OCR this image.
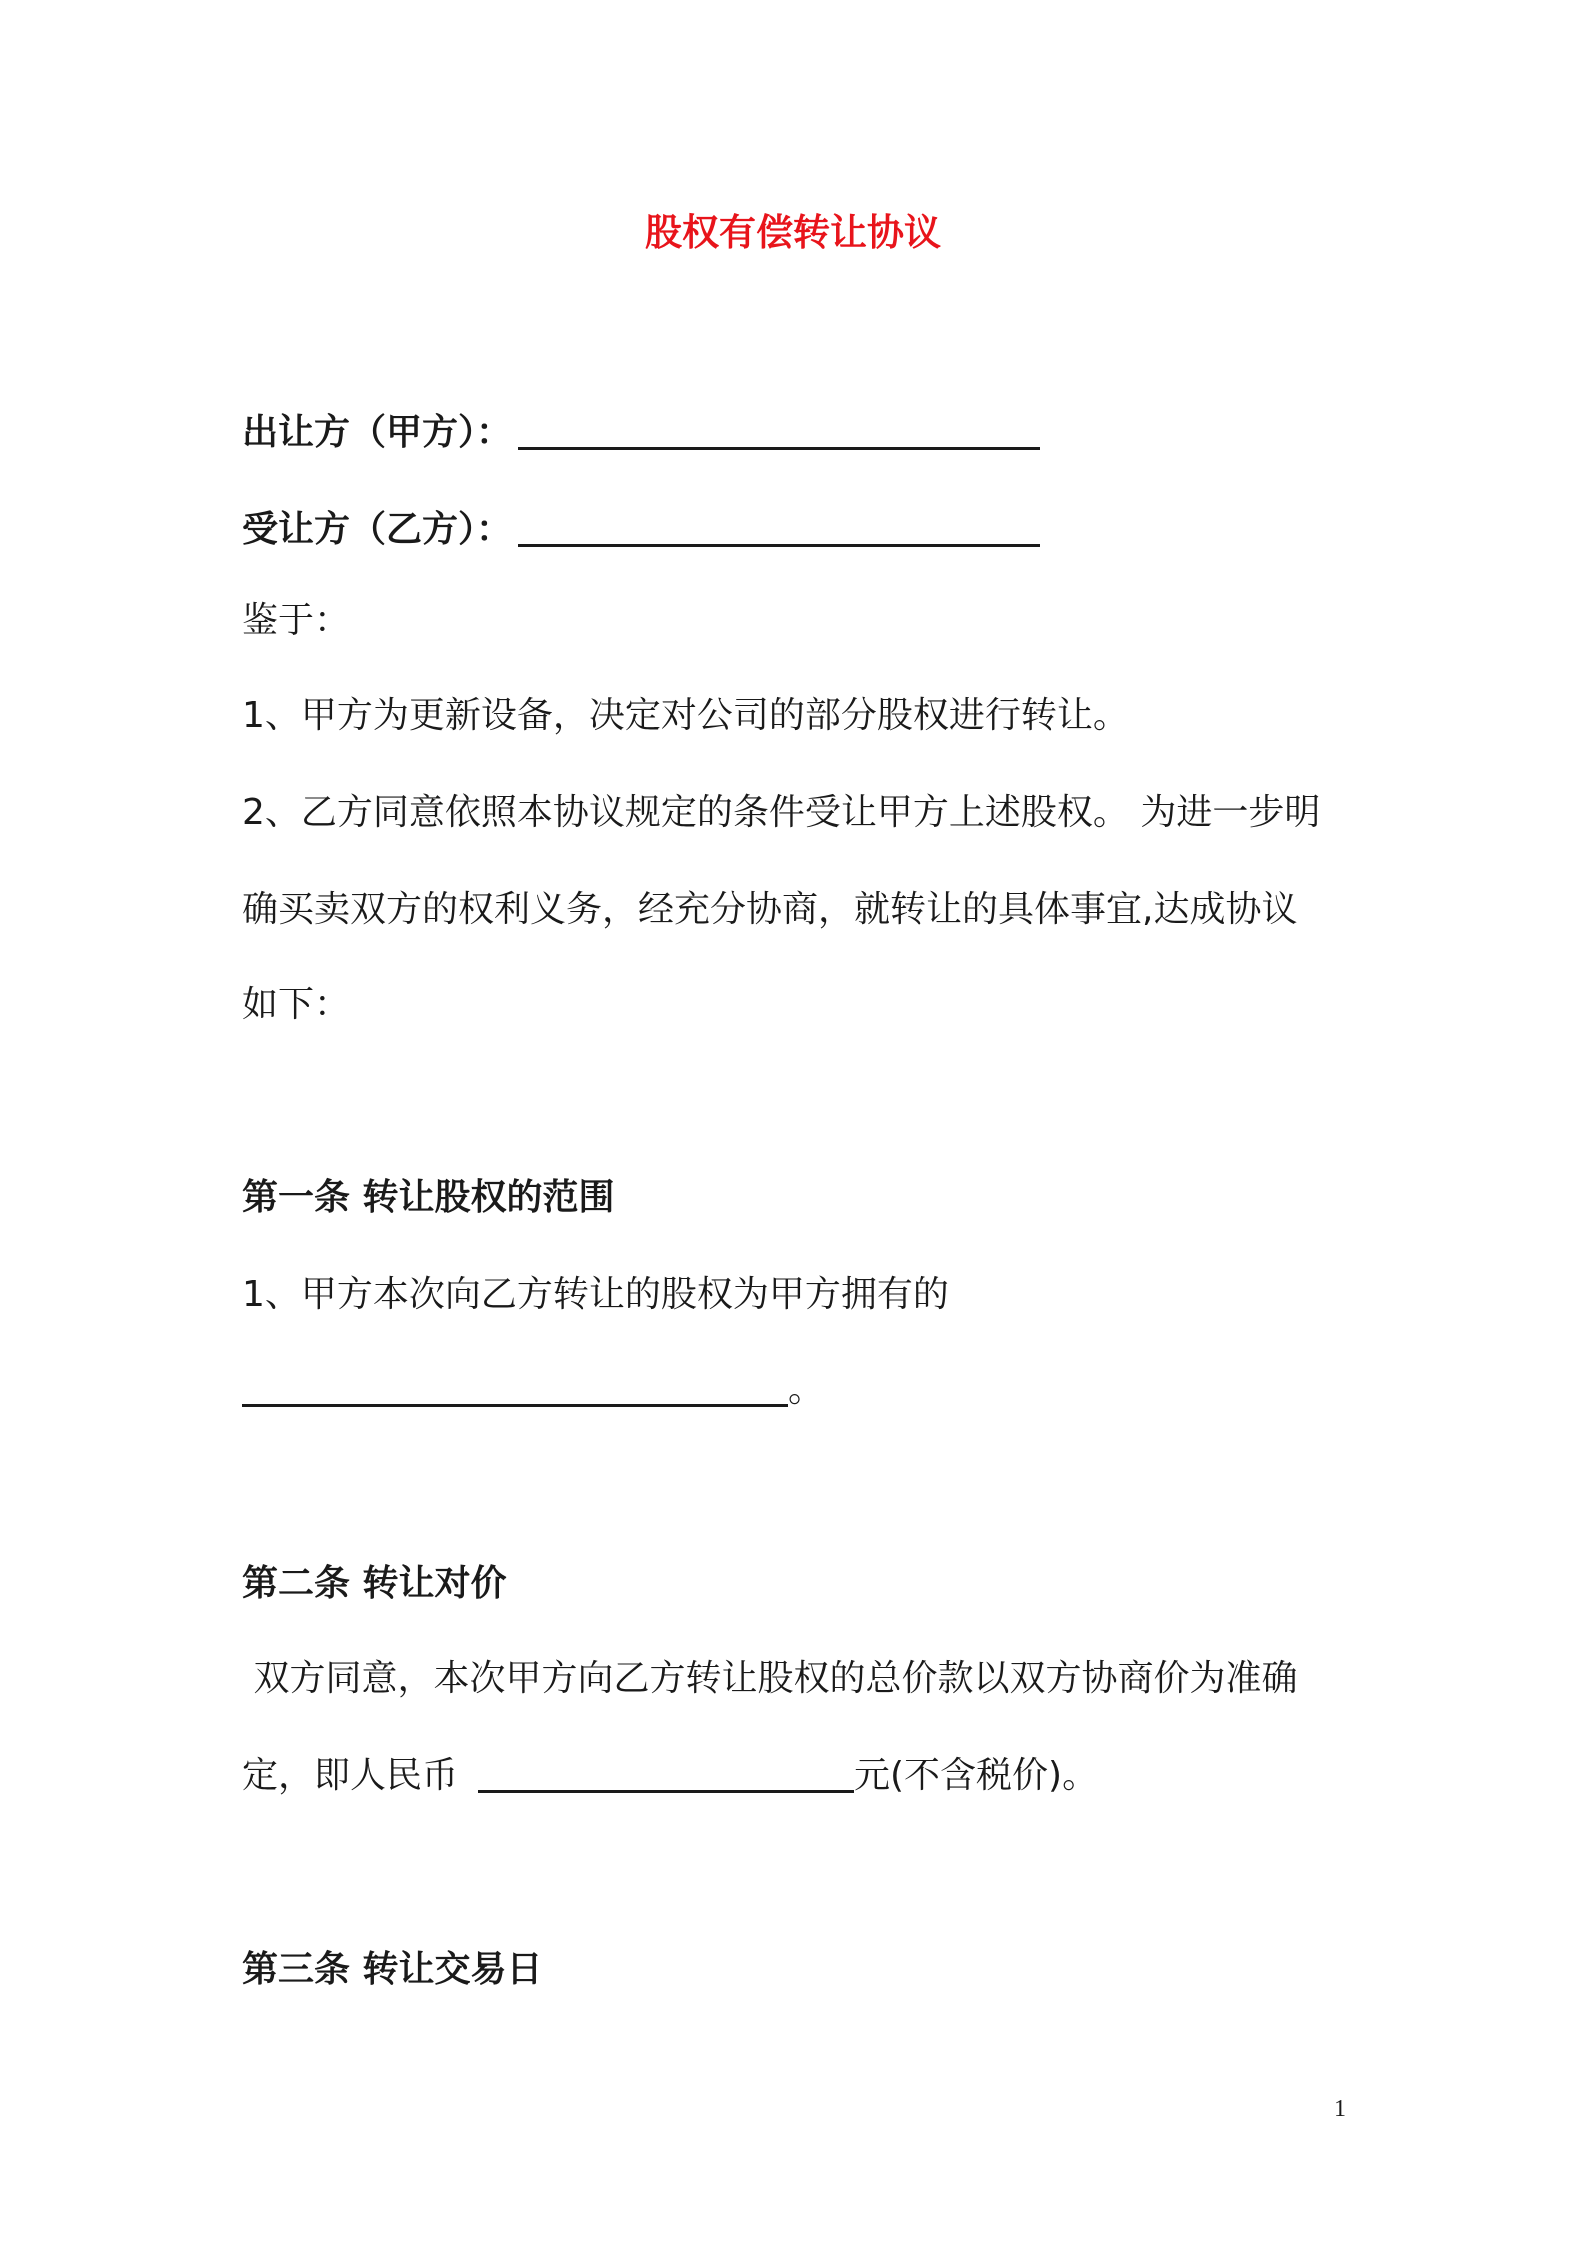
股权有偿转让协议
出让方（甲方）：
受让方（乙方）：
鉴于：
1、甲方为更新设备，决定对公司的部分股权进行转让。
2、乙方同意依照本协议规定的条件受让甲方上述股权。 为进一步明
确买卖双方的权利义务，经充分协商，就转让的具体事宜,达成协议
如下：
第一条 转让股权的范围
1、甲方本次向乙方转让的股权为甲方拥有的
。
第二条 转让对价
双方同意，本次甲方向乙方转让股权的总价款以双方协商价为准确
定，即人民币	元(不含税价)。
第三条 转让交易日
1
